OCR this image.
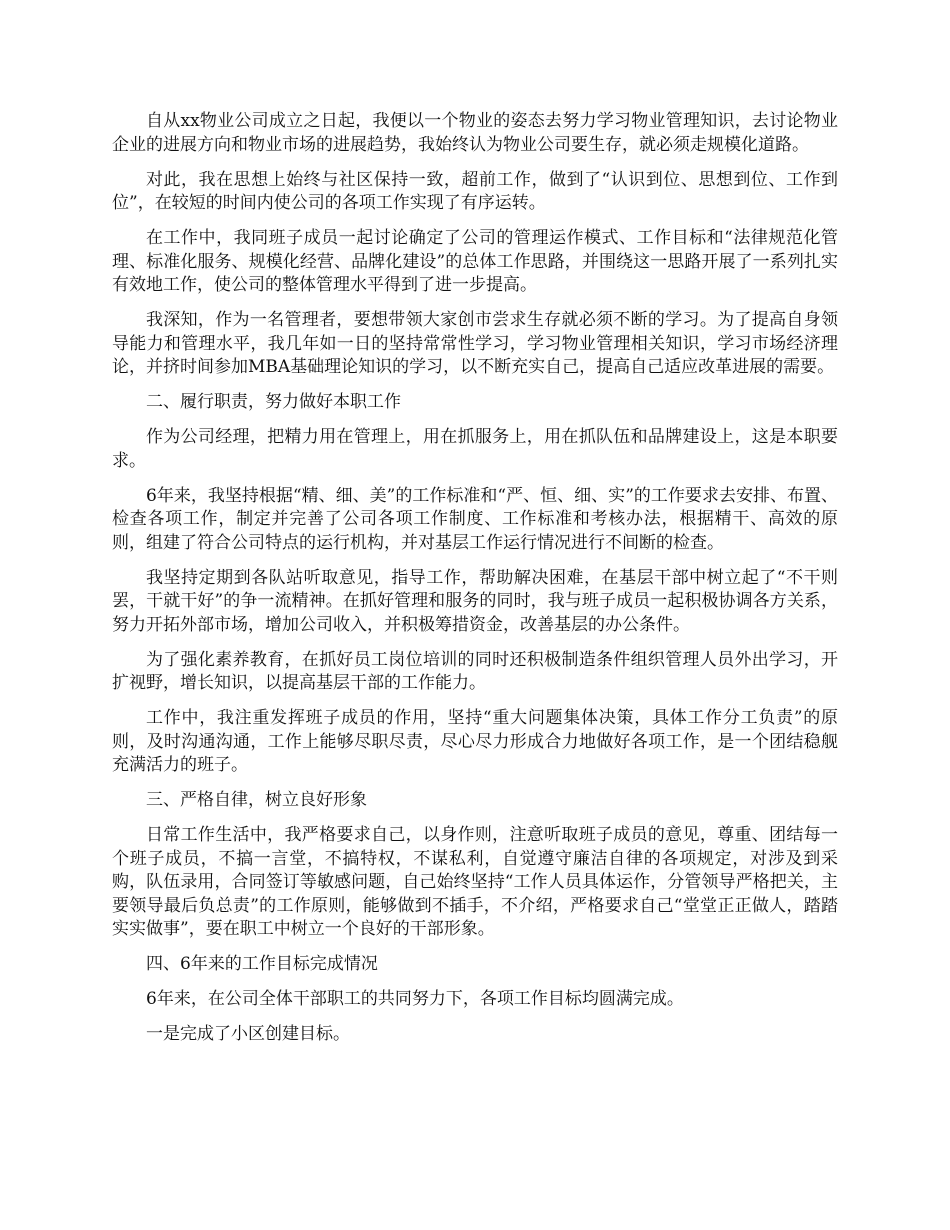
自从xx物业公司成立之日起，我便以一个物业的姿态去努力学习物业管理知识，去讨论物业企业的进展方向和物业市场的进展趋势，我始终认为物业公司要生存，就必须走规模化道路。

对此，我在思想上始终与社区保持一致，超前工作，做到了“认识到位、思想到位、工作到位”，在较短的时间内使公司的各项工作实现了有序运转。

在工作中，我同班子成员一起讨论确定了公司的管理运作模式、工作目标和“法律规范化管理、标准化服务、规模化经营、品牌化建设”的总体工作思路，并围绕这一思路开展了一系列扎实有效地工作，使公司的整体管理水平得到了进一步提高。

我深知，作为一名管理者，要想带领大家创市尝求生存就必须不断的学习。为了提高自身领导能力和管理水平，我几年如一日的坚持常常性学习，学习物业管理相关知识，学习市场经济理论，并挤时间参加MBA基础理论知识的学习，以不断充实自己，提高自己适应改革进展的需要。

二、履行职责，努力做好本职工作

作为公司经理，把精力用在管理上，用在抓服务上，用在抓队伍和品牌建设上，这是本职要求。

6年来，我坚持根据“精、细、美”的工作标准和“严、恒、细、实”的工作要求去安排、布置、检查各项工作，制定并完善了公司各项工作制度、工作标准和考核办法，根据精干、高效的原则，组建了符合公司特点的运行机构，并对基层工作运行情况进行不间断的检查。

我坚持定期到各队站听取意见，指导工作，帮助解决困难，在基层干部中树立起了“不干则罢，干就干好”的争一流精神。在抓好管理和服务的同时，我与班子成员一起积极协调各方关系，努力开拓外部市场，增加公司收入，并积极筹措资金，改善基层的办公条件。

为了强化素养教育，在抓好员工岗位培训的同时还积极制造条件组织管理人员外出学习，开扩视野，增长知识，以提高基层干部的工作能力。

工作中，我注重发挥班子成员的作用，坚持“重大问题集体决策，具体工作分工负责”的原则，及时沟通沟通，工作上能够尽职尽责，尽心尽力形成合力地做好各项工作，是一个团结稳舰充满活力的班子。

三、严格自律，树立良好形象

日常工作生活中，我严格要求自己，以身作则，注意听取班子成员的意见，尊重、团结每一个班子成员，不搞一言堂，不搞特权，不谋私利，自觉遵守廉洁自律的各项规定，对涉及到采购，队伍录用，合同签订等敏感问题，自己始终坚持“工作人员具体运作，分管领导严格把关，主要领导最后负总责”的工作原则，能够做到不插手，不介绍，严格要求自己“堂堂正正做人，踏踏实实做事”，要在职工中树立一个良好的干部形象。

四、6年来的工作目标完成情况

6年来，在公司全体干部职工的共同努力下，各项工作目标均圆满完成。

一是完成了小区创建目标。
